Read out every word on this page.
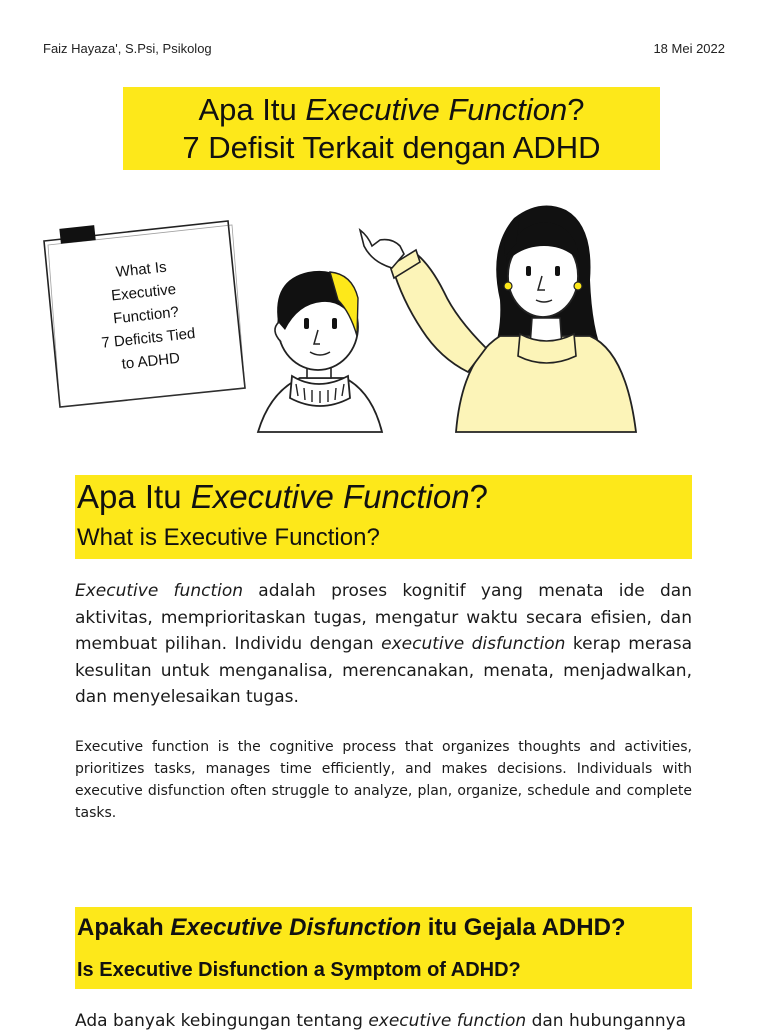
Faiz Hayaza', S.Psi, Psikolog	18 Mei 2022
Apa Itu Executive Function?
7 Defisit Terkait dengan ADHD
What Is
Executive
Function?
7 Deficits Tied
to ADHD
Apa Itu Executive Function?
What is Executive Function?
Executive function adalah proses kognitif yang menata ide dan aktivitas, memprioritaskan tugas, mengatur waktu secara efisien, dan membuat pilihan. Individu dengan executive disfunction kerap merasa kesulitan untuk menganalisa, merencanakan, menata, menjadwalkan, dan menyelesaikan tugas.
Executive function is the cognitive process that organizes thoughts and activities, prioritizes tasks, manages time efficiently, and makes decisions. Individuals with executive disfunction often struggle to analyze, plan, organize, schedule and complete tasks.
Apakah Executive Disfunction itu Gejala ADHD?
Is Executive Disfunction a Symptom of ADHD?
Ada banyak kebingungan tentang executive function dan hubungannya
